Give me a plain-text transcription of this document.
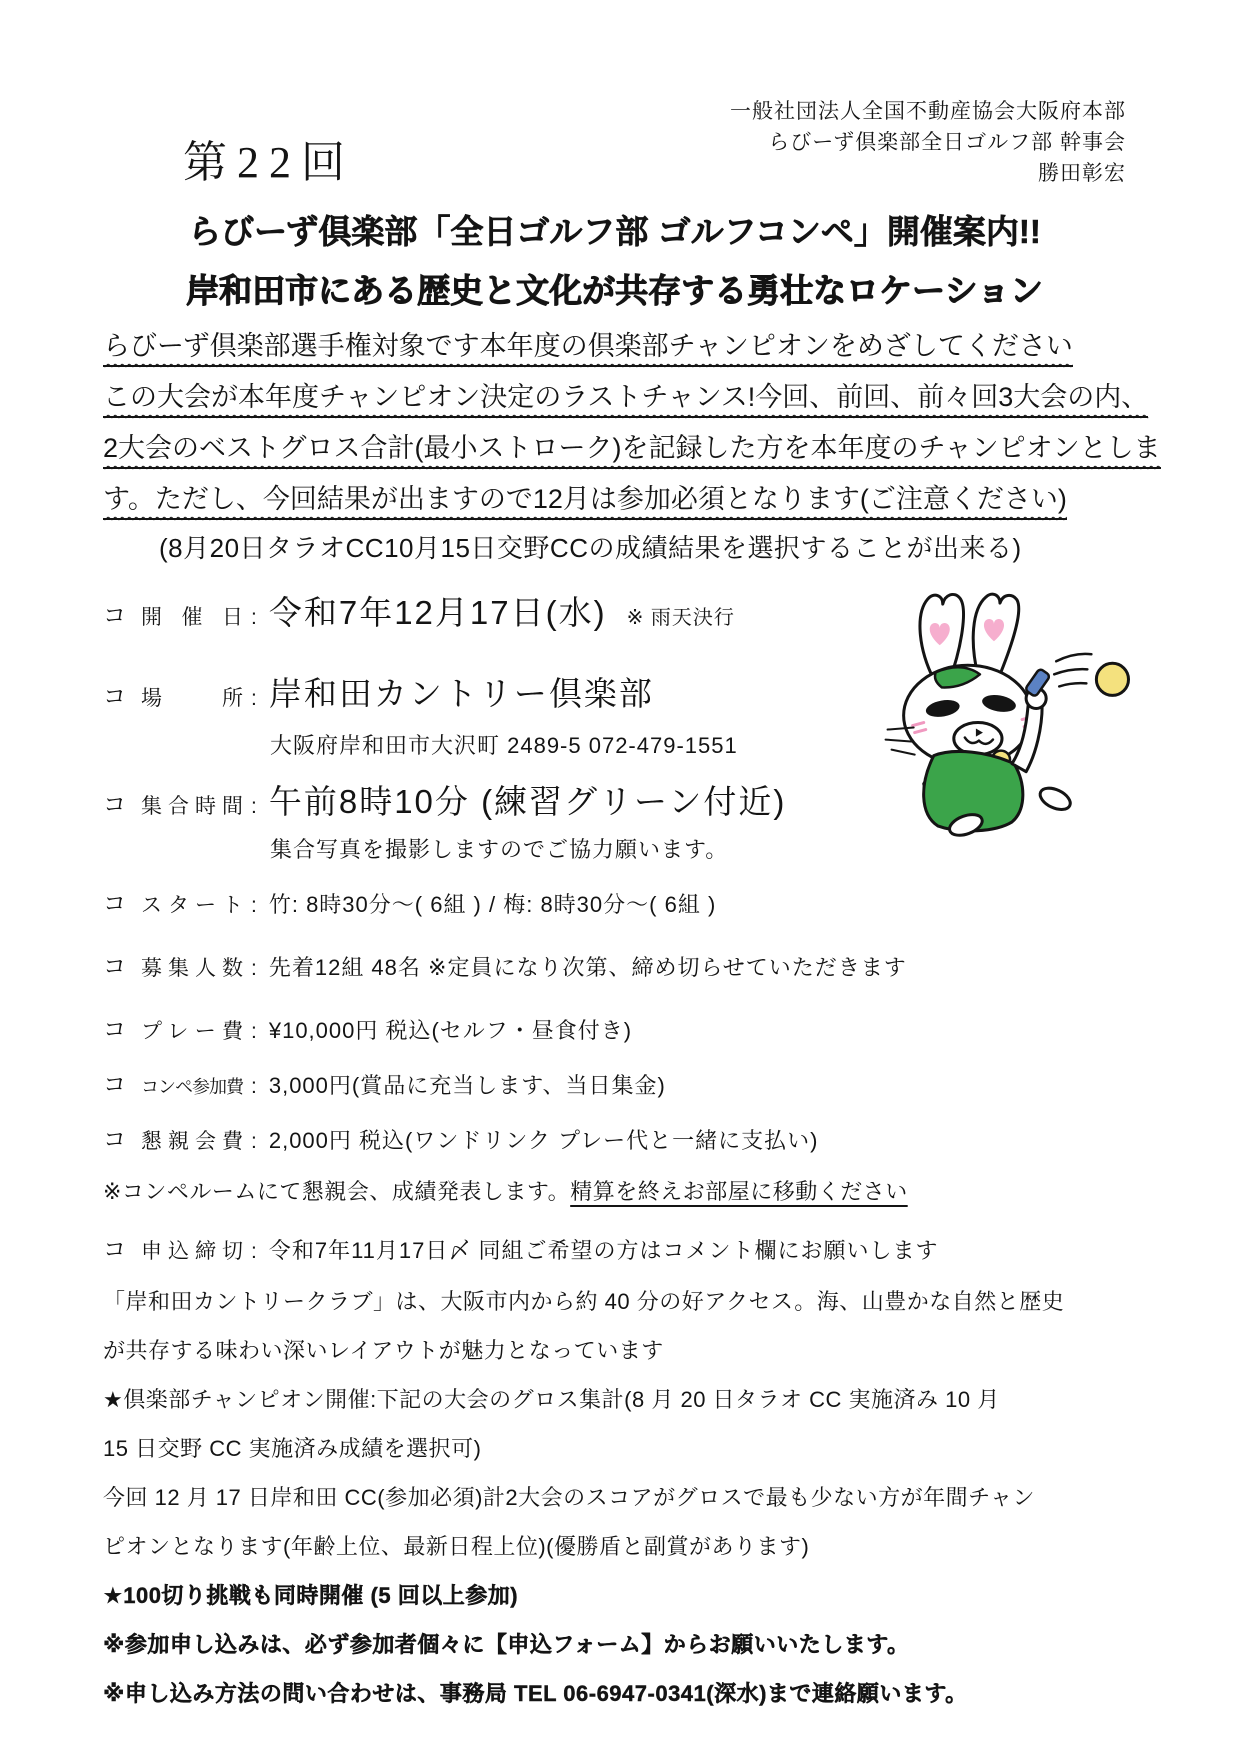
第22回
一般社団法人全国不動産協会大阪府本部
らびーず倶楽部全日ゴルフ部 幹事会
勝田彰宏
らびーず倶楽部「全日ゴルフ部 ゴルフコンペ」開催案内!!
岸和田市にある歴史と文化が共存する勇壮なロケーション
らびーず倶楽部選手権対象です本年度の倶楽部チャンピオンをめざしてください
この大会が本年度チャンピオン決定のラストチャンス!今回、前回、前々回3大会の内、
2大会のベストグロス合計(最小ストローク)を記録した方を本年度のチャンピオンとしま
す。ただし、今回結果が出ますので12月は参加必須となります(ご注意ください)
(8月20日タラオCC10月15日交野CCの成績結果を選択することが出来る)
コ 開催日 : 令和7年12月17日(水) ※ 雨天決行
コ 場所 : 岸和田カントリー倶楽部
大阪府岸和田市大沢町 2489-5 072-479-1551
コ 集合時間 : 午前8時10分 (練習グリーン付近)
集合写真を撮影しますのでご協力願います。
コ スタート : 竹: 8時30分〜( 6組 ) / 梅: 8時30分〜( 6組 )
コ 募集人数 : 先着12組 48名 ※定員になり次第、締め切らせていただきます
コ プレー費 : ¥10,000円 税込(セルフ・昼食付き)
コ コンペ参加費 : 3,000円(賞品に充当します、当日集金)
コ 懇親会費 : 2,000円 税込(ワンドリンク プレー代と一緒に支払い)
※コンペルームにて懇親会、成績発表します。精算を終えお部屋に移動ください
コ 申込締切 : 令和7年11月17日〆 同組ご希望の方はコメント欄にお願いします
「岸和田カントリークラブ」は、大阪市内から約 40 分の好アクセス。海、山豊かな自然と歴史
が共存する味わい深いレイアウトが魅力となっています
★倶楽部チャンピオン開催:下記の大会のグロス集計(8 月 20 日タラオ CC 実施済み 10 月
15 日交野 CC 実施済み成績を選択可)
今回 12 月 17 日岸和田 CC(参加必須)計2大会のスコアがグロスで最も少ない方が年間チャン
ピオンとなります(年齢上位、最新日程上位)(優勝盾と副賞があります)
★100切り挑戦も同時開催 (5 回以上参加)
※参加申し込みは、必ず参加者個々に【申込フォーム】からお願いいたします。
※申し込み方法の問い合わせは、事務局 TEL 06-6947-0341(深水)まで連絡願います。
